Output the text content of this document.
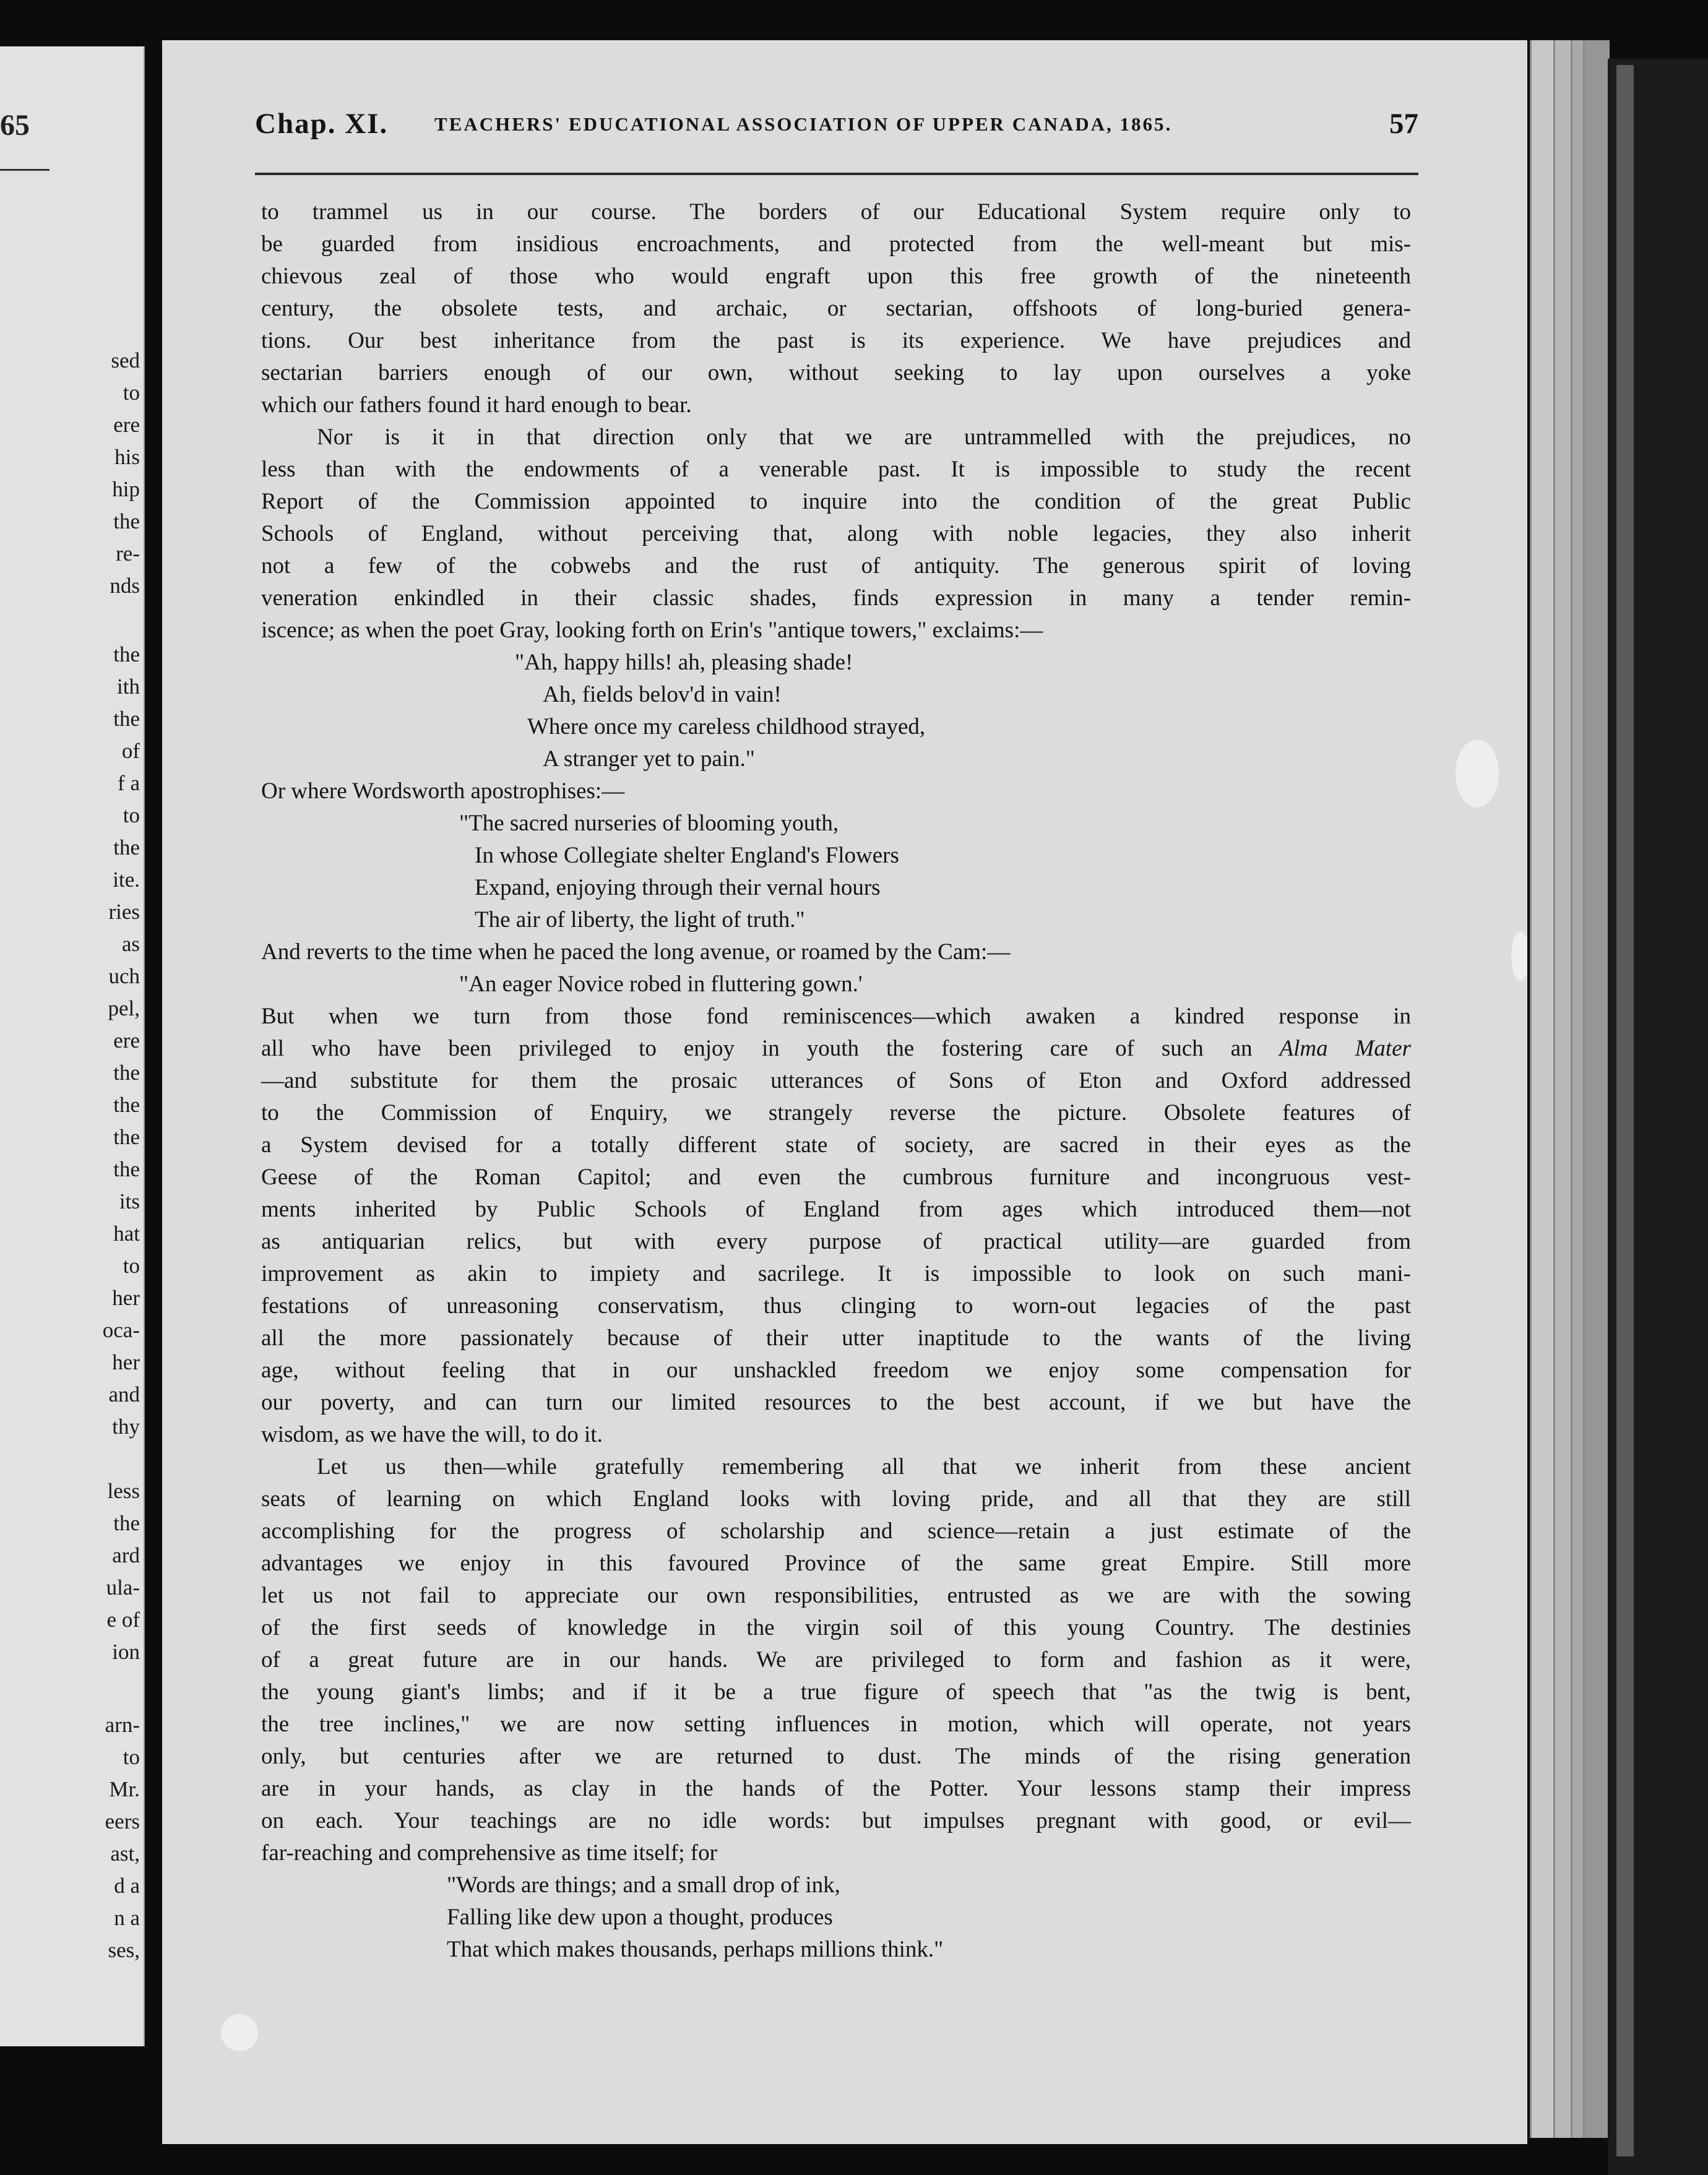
65
sed
to
ere
his
hip
the
re-
nds
the
ith
the
of
f a
to
the
ite.
ries
as
uch
pel,
ere
the
the
the
the
its
hat
to
her
oca-
her
and
thy
less
the
ard
ula-
e of
ion
arn-
to
Mr.
eers
ast,
d a
n a
ses,
Chap. XI. TEACHERS' EDUCATIONAL ASSOCIATION OF UPPER CANADA, 1865.	57
to trammel us in our course. The borders of our Educational System require only to
be guarded from insidious encroachments, and protected from the well-meant but mis-
chievous zeal of those who would engraft upon this free growth of the nineteenth
century, the obsolete tests, and archaic, or sectarian, offshoots of long-buried genera-
tions. Our best inheritance from the past is its experience. We have prejudices and
sectarian barriers enough of our own, without seeking to lay upon ourselves a yoke
which our fathers found it hard enough to bear.
Nor is it in that direction only that we are untrammelled with the prejudices, no
less than with the endowments of a venerable past. It is impossible to study the recent
Report of the Commission appointed to inquire into the condition of the great Public
Schools of England, without perceiving that, along with noble legacies, they also inherit
not a few of the cobwebs and the rust of antiquity. The generous spirit of loving
veneration enkindled in their classic shades, finds expression in many a tender remin-
iscence; as when the poet Gray, looking forth on Erin's "antique towers," exclaims:—
"Ah, happy hills! ah, pleasing shade!
Ah, fields belov'd in vain!
Where once my careless childhood strayed,
A stranger yet to pain."
Or where Wordsworth apostrophises:—
"The sacred nurseries of blooming youth,
In whose Collegiate shelter England's Flowers
Expand, enjoying through their vernal hours
The air of liberty, the light of truth."
And reverts to the time when he paced the long avenue, or roamed by the Cam:—
"An eager Novice robed in fluttering gown.'
But when we turn from those fond reminiscences—which awaken a kindred response in
all who have been privileged to enjoy in youth the fostering care of such an Alma Mater
—and substitute for them the prosaic utterances of Sons of Eton and Oxford addressed
to the Commission of Enquiry, we strangely reverse the picture. Obsolete features of
a System devised for a totally different state of society, are sacred in their eyes as the
Geese of the Roman Capitol; and even the cumbrous furniture and incongruous vest-
ments inherited by Public Schools of England from ages which introduced them—not
as antiquarian relics, but with every purpose of practical utility—are guarded from
improvement as akin to impiety and sacrilege. It is impossible to look on such mani-
festations of unreasoning conservatism, thus clinging to worn-out legacies of the past
all the more passionately because of their utter inaptitude to the wants of the living
age, without feeling that in our unshackled freedom we enjoy some compensation for
our poverty, and can turn our limited resources to the best account, if we but have the
wisdom, as we have the will, to do it.
Let us then—while gratefully remembering all that we inherit from these ancient
seats of learning on which England looks with loving pride, and all that they are still
accomplishing for the progress of scholarship and science—retain a just estimate of the
advantages we enjoy in this favoured Province of the same great Empire. Still more
let us not fail to appreciate our own responsibilities, entrusted as we are with the sowing
of the first seeds of knowledge in the virgin soil of this young Country. The destinies
of a great future are in our hands. We are privileged to form and fashion as it were,
the young giant's limbs; and if it be a true figure of speech that "as the twig is bent,
the tree inclines," we are now setting influences in motion, which will operate, not years
only, but centuries after we are returned to dust. The minds of the rising generation
are in your hands, as clay in the hands of the Potter. Your lessons stamp their impress
on each. Your teachings are no idle words: but impulses pregnant with good, or evil—
far-reaching and comprehensive as time itself; for
"Words are things; and a small drop of ink,
Falling like dew upon a thought, produces
That which makes thousands, perhaps millions think."
